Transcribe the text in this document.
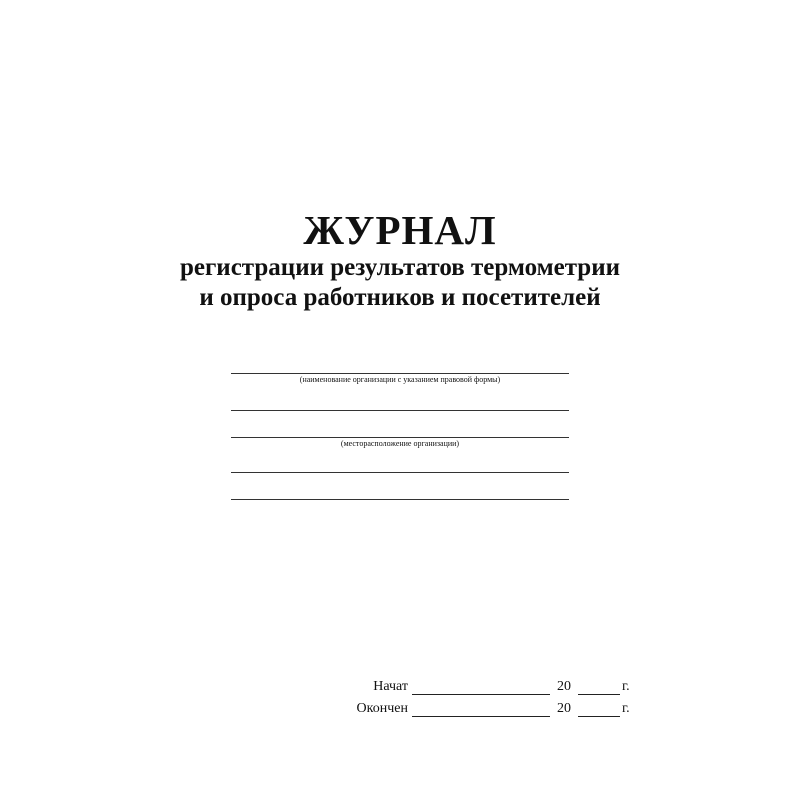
ЖУРНАЛ
регистрации результатов термометрии
и опроса работников и посетителей
(наименование организации с указанием правовой формы)
(месторасположение организации)
Начат	20	г.
Окончен	20	г.
